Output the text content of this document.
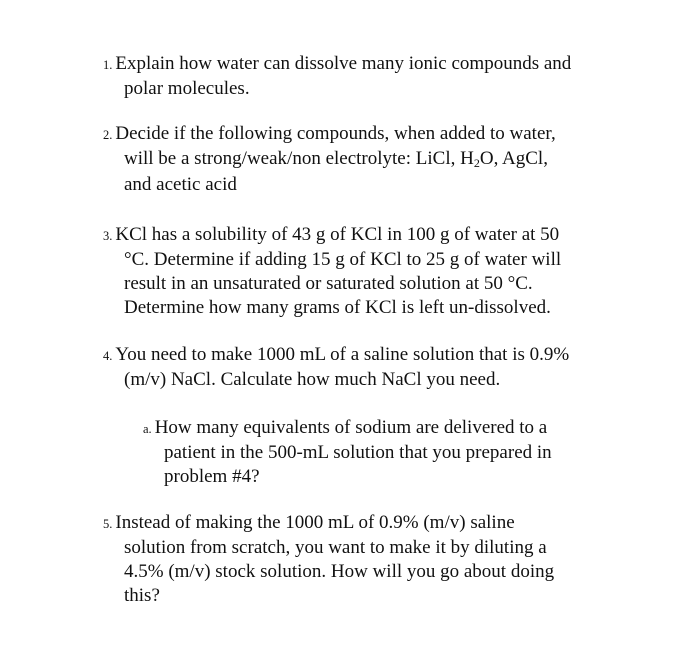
1. Explain how water can dissolve many ionic compounds and
polar molecules.
2. Decide if the following compounds, when added to water,
will be a strong/weak/non electrolyte: LiCl, $H_2O$, AgCl,
and acetic acid
3. KCl has a solubility of 43 g of KCl in 100 g of water at 50
°C. Determine if adding 15 g of KCl to 25 g of water will
result in an unsaturated or saturated solution at 50 °C.
Determine how many grams of KCl is left un-dissolved.
4. You need to make 1000 mL of a saline solution that is 0.9%
(m/v) NaCl. Calculate how much NaCl you need.
a. How many equivalents of sodium are delivered to a
patient in the 500-mL solution that you prepared in
problem #4?
5. Instead of making the 1000 mL of 0.9% (m/v) saline
solution from scratch, you want to make it by diluting a
4.5% (m/v) stock solution. How will you go about doing
this?
